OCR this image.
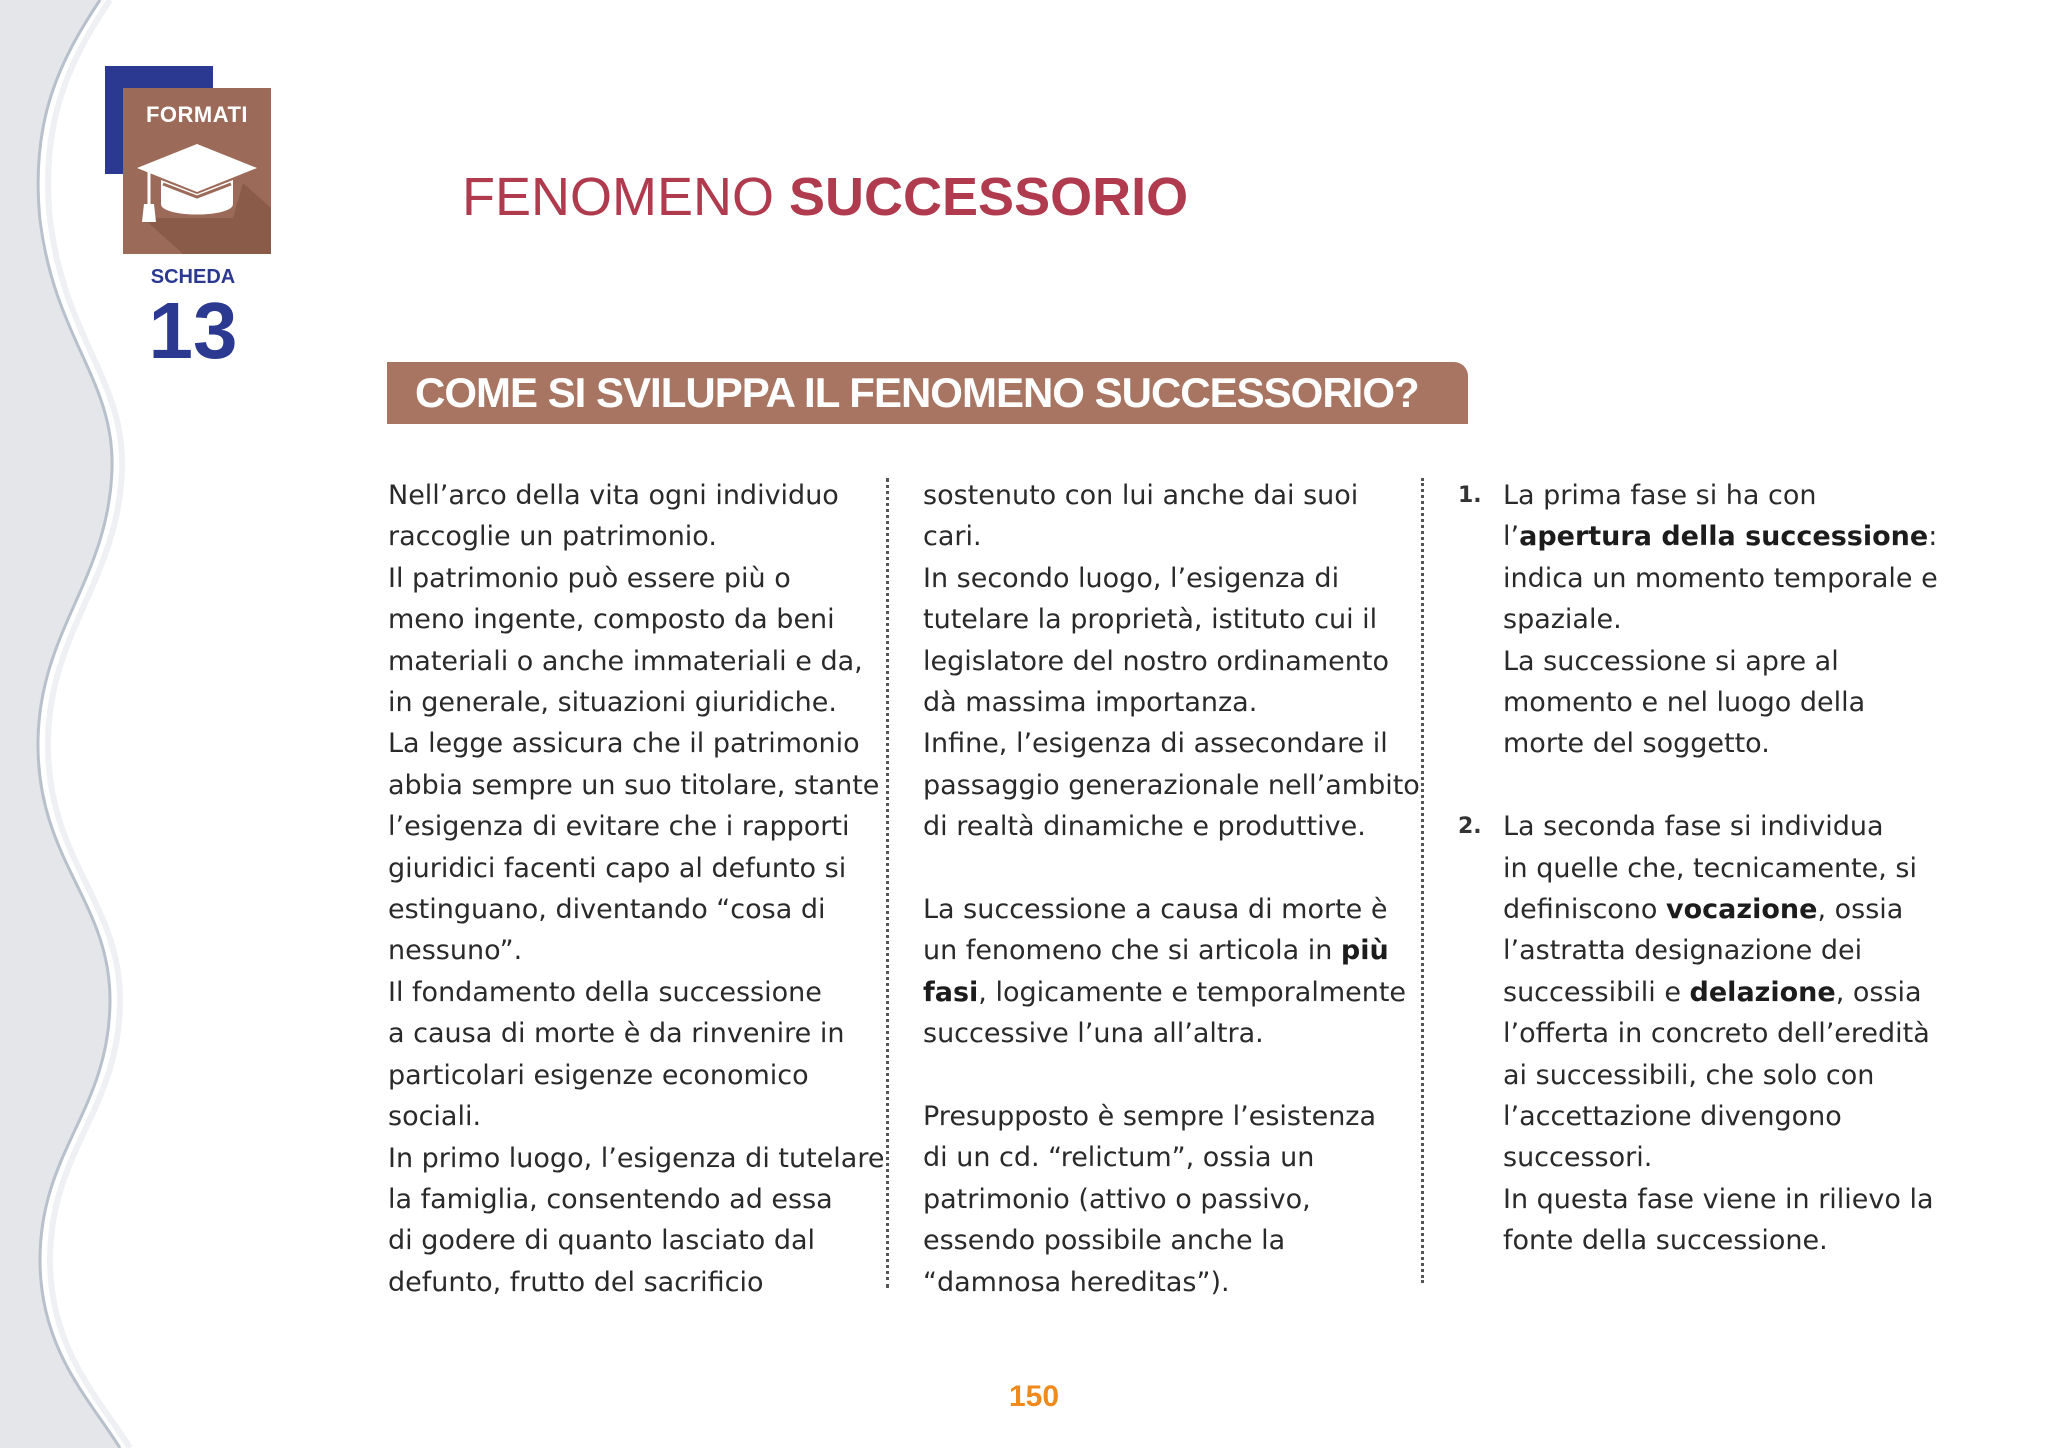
FORMATI
SCHEDA
13
FENOMENO SUCCESSORIO
COME SI SVILUPPA IL FENOMENO SUCCESSORIO?
Nell’arco della vita ogni individuo
raccoglie un patrimonio.
Il patrimonio può essere più o
meno ingente, composto da beni
materiali o anche immateriali e da,
in generale, situazioni giuridiche.
La legge assicura che il patrimonio
abbia sempre un suo titolare, stante
l’esigenza di evitare che i rapporti
giuridici facenti capo al defunto si
estinguano, diventando “cosa di
nessuno”.
Il fondamento della successione
a causa di morte è da rinvenire in
particolari esigenze economico
sociali.
In primo luogo, l’esigenza di tutelare
la famiglia, consentendo ad essa
di godere di quanto lasciato dal
defunto, frutto del sacrificio
sostenuto con lui anche dai suoi
cari.
In secondo luogo, l’esigenza di
tutelare la proprietà, istituto cui il
legislatore del nostro ordinamento
dà massima importanza.
Infine, l’esigenza di assecondare il
passaggio generazionale nell’ambito
di realtà dinamiche e produttive.
La successione a causa di morte è
un fenomeno che si articola in più
fasi, logicamente e temporalmente
successive l’una all’altra.
Presupposto è sempre l’esistenza
di un cd. “relictum”, ossia un
patrimonio (attivo o passivo,
essendo possibile anche la
“damnosa hereditas”).
1. La prima fase si ha con
l’apertura della successione:
indica un momento temporale e
spaziale.
La successione si apre al
momento e nel luogo della
morte del soggetto.
2. La seconda fase si individua
in quelle che, tecnicamente, si
definiscono vocazione, ossia
l’astratta designazione dei
successibili e delazione, ossia
l’offerta in concreto dell’eredità
ai successibili, che solo con
l’accettazione divengono
successori.
In questa fase viene in rilievo la
fonte della successione.
150
